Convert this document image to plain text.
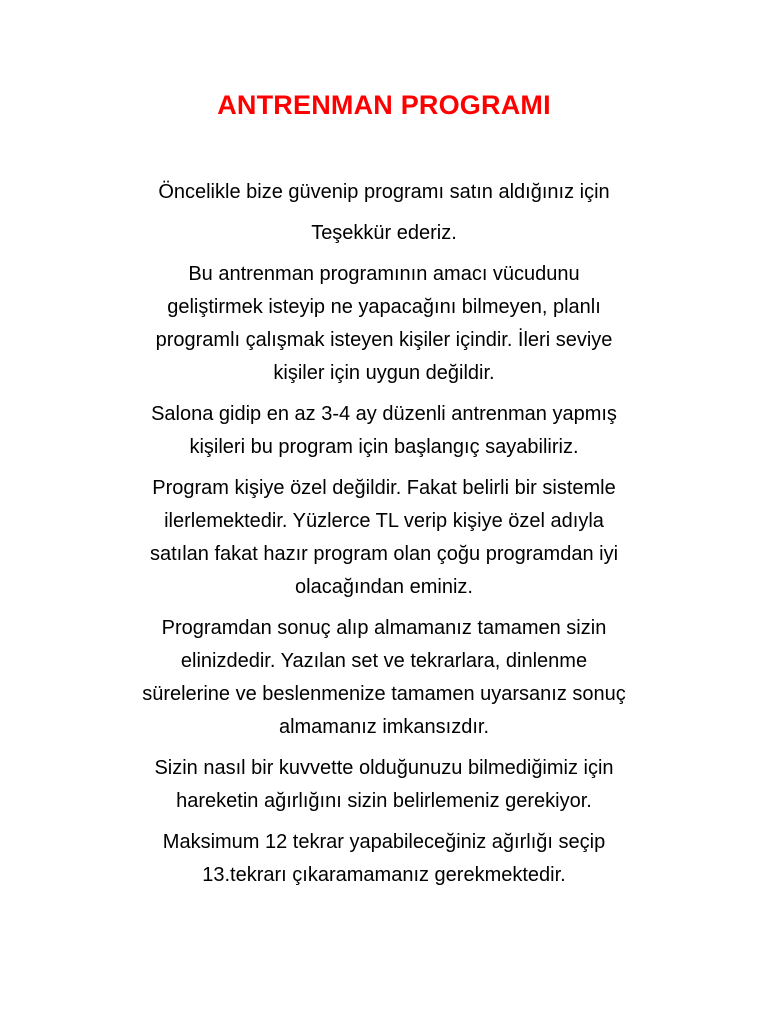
ANTRENMAN PROGRAMI

Öncelikle bize güvenip programı satın aldığınız için

Teşekkür ederiz.

Bu antrenman programının amacı vücudunu
geliştirmek isteyip ne yapacağını bilmeyen, planlı
programlı çalışmak isteyen kişiler içindir. İleri seviye
kişiler için uygun değildir.

Salona gidip en az 3-4 ay düzenli antrenman yapmış
kişileri bu program için başlangıç sayabiliriz.

Program kişiye özel değildir. Fakat belirli bir sistemle
ilerlemektedir. Yüzlerce TL verip kişiye özel adıyla
satılan fakat hazır program olan çoğu programdan iyi
olacağından eminiz.

Programdan sonuç alıp almamanız tamamen sizin
elinizdedir. Yazılan set ve tekrarlara, dinlenme
sürelerine ve beslenmenize tamamen uyarsanız sonuç
almamanız imkansızdır.

Sizin nasıl bir kuvvette olduğunuzu bilmediğimiz için
hareketin ağırlığını sizin belirlemeniz gerekiyor.

Maksimum 12 tekrar yapabileceğiniz ağırlığı seçip
13.tekrarı çıkaramamanız gerekmektedir.
